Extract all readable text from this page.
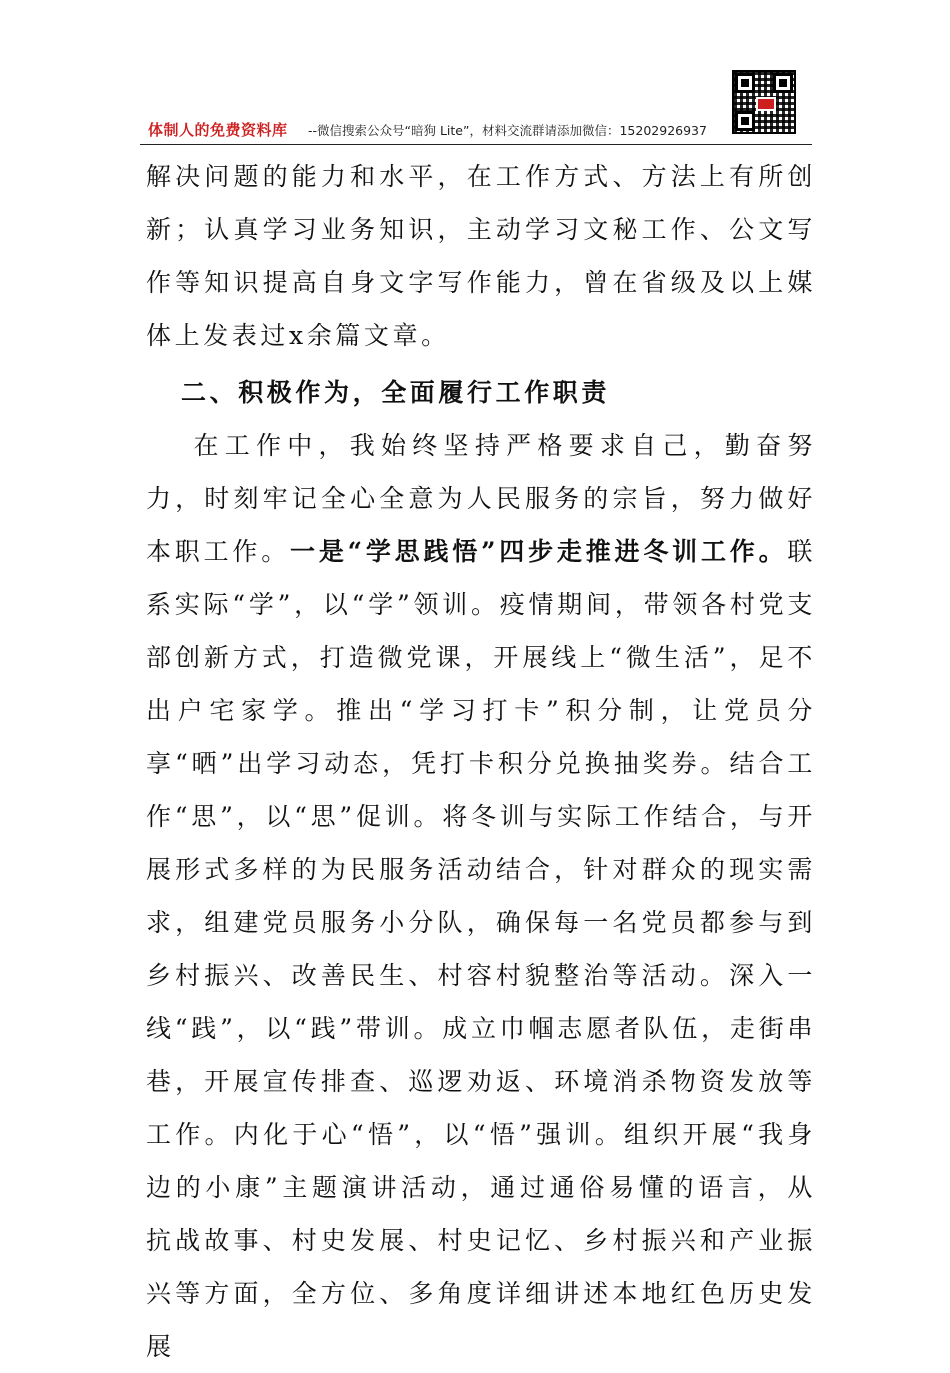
体制人的免费资料库 --微信搜索公众号“暗狗 Lite”，材料交流群请添加微信：15202926937

解决问题的能力和水平，在工作方式、方法上有所创新；认真学习业务知识，主动学习文秘工作、公文写作等知识提高自身文字写作能力，曾在省级及以上媒体上发表过x余篇文章。

二、积极作为，全面履行工作职责

在工作中，我始终坚持严格要求自己，勤奋努力，时刻牢记全心全意为人民服务的宗旨，努力做好本职工作。一是“学思践悟”四步走推进冬训工作。联系实际“学”，以“学”领训。疫情期间，带领各村党支部创新方式，打造微党课，开展线上“微生活”，足不出户宅家学。推出“学习打卡”积分制，让党员分享“晒”出学习动态，凭打卡积分兑换抽奖券。结合工作“思”，以“思”促训。将冬训与实际工作结合，与开展形式多样的为民服务活动结合，针对群众的现实需求，组建党员服务小分队，确保每一名党员都参与到乡村振兴、改善民生、村容村貌整治等活动。深入一线“践”，以“践”带训。成立巾帼志愿者队伍，走街串巷，开展宣传排查、巡逻劝返、环境消杀物资发放等工作。内化于心“悟”，以“悟”强训。组织开展“我身边的小康”主题演讲活动，通过通俗易懂的语言，从抗战故事、村史发展、村史记忆、乡村振兴和产业振兴等方面，全方位、多角度详细讲述本地红色历史发展
